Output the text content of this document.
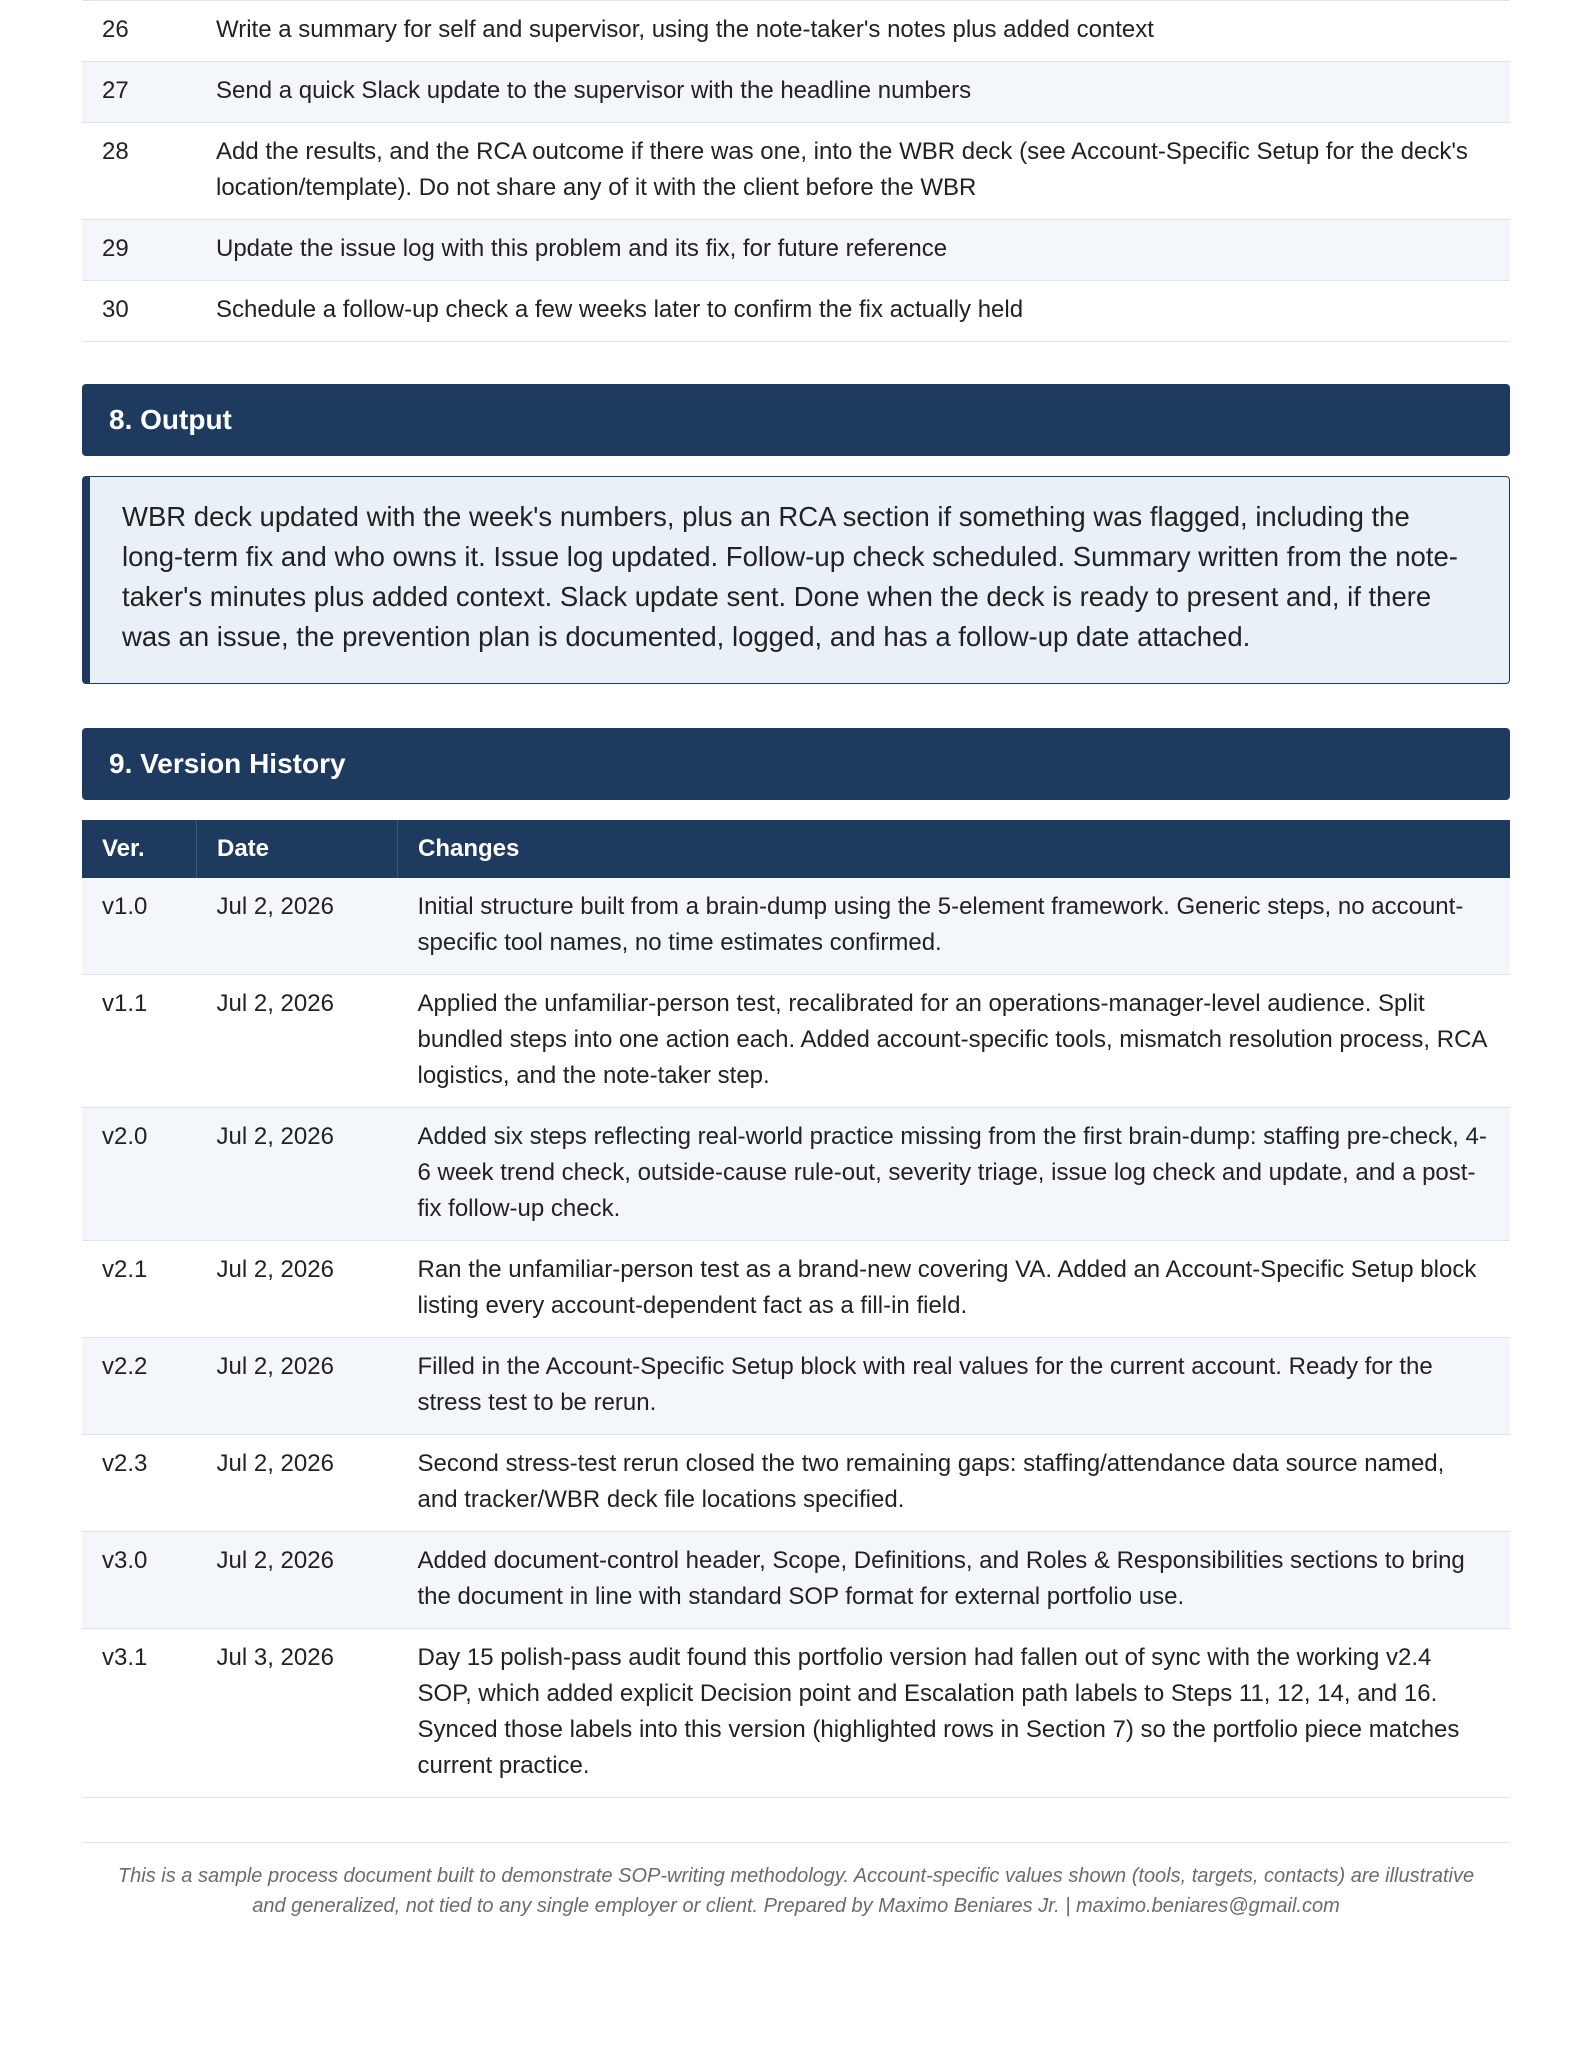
26	Write a summary for self and supervisor, using the note-taker's notes plus added context
27	Send a quick Slack update to the supervisor with the headline numbers
28	Add the results, and the RCA outcome if there was one, into the WBR deck (see Account-Specific Setup for the deck's location/template). Do not share any of it with the client before the WBR
29	Update the issue log with this problem and its fix, for future reference
30	Schedule a follow-up check a few weeks later to confirm the fix actually held
8. Output
WBR deck updated with the week's numbers, plus an RCA section if something was flagged, including the long-term fix and who owns it. Issue log updated. Follow-up check scheduled. Summary written from the note-taker's minutes plus added context. Slack update sent. Done when the deck is ready to present and, if there was an issue, the prevention plan is documented, logged, and has a follow-up date attached.
9. Version History
Ver.	Date	Changes
v1.0	Jul 2, 2026	Initial structure built from a brain-dump using the 5-element framework. Generic steps, no account-specific tool names, no time estimates confirmed.
v1.1	Jul 2, 2026	Applied the unfamiliar-person test, recalibrated for an operations-manager-level audience. Split bundled steps into one action each. Added account-specific tools, mismatch resolution process, RCA logistics, and the note-taker step.
v2.0	Jul 2, 2026	Added six steps reflecting real-world practice missing from the first brain-dump: staffing pre-check, 4-6 week trend check, outside-cause rule-out, severity triage, issue log check and update, and a post-fix follow-up check.
v2.1	Jul 2, 2026	Ran the unfamiliar-person test as a brand-new covering VA. Added an Account-Specific Setup block listing every account-dependent fact as a fill-in field.
v2.2	Jul 2, 2026	Filled in the Account-Specific Setup block with real values for the current account. Ready for the stress test to be rerun.
v2.3	Jul 2, 2026	Second stress-test rerun closed the two remaining gaps: staffing/attendance data source named, and tracker/WBR deck file locations specified.
v3.0	Jul 2, 2026	Added document-control header, Scope, Definitions, and Roles & Responsibilities sections to bring the document in line with standard SOP format for external portfolio use.
v3.1	Jul 3, 2026	Day 15 polish-pass audit found this portfolio version had fallen out of sync with the working v2.4 SOP, which added explicit Decision point and Escalation path labels to Steps 11, 12, 14, and 16. Synced those labels into this version (highlighted rows in Section 7) so the portfolio piece matches current practice.
This is a sample process document built to demonstrate SOP-writing methodology. Account-specific values shown (tools, targets, contacts) are illustrative
and generalized, not tied to any single employer or client. Prepared by Maximo Beniares Jr. | maximo.beniares@gmail.com
